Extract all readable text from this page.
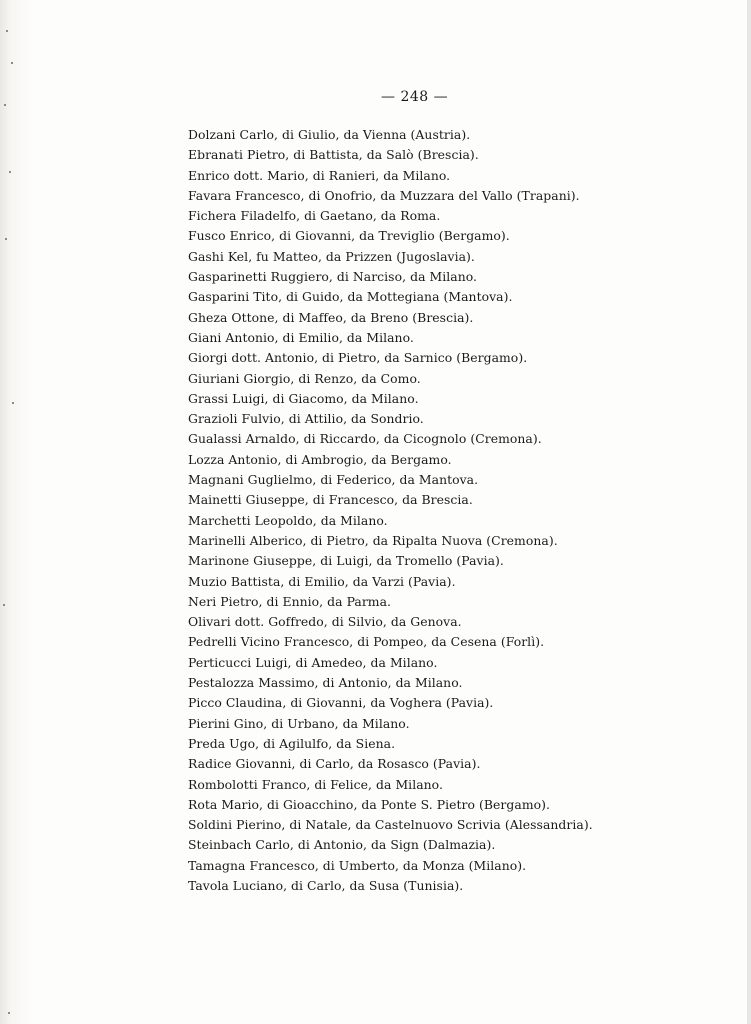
— 248 —
Dolzani Carlo, di Giulio, da Vienna (Austria).
Ebranati Pietro, di Battista, da Salò (Brescia).
Enrico dott. Mario, di Ranieri, da Milano.
Favara Francesco, di Onofrio, da Muzzara del Vallo (Trapani).
Fichera Filadelfo, di Gaetano, da Roma.
Fusco Enrico, di Giovanni, da Treviglio (Bergamo).
Gashi Kel, fu Matteo, da Prizzen (Jugoslavia).
Gasparinetti Ruggiero, di Narciso, da Milano.
Gasparini Tito, di Guido, da Mottegiana (Mantova).
Gheza Ottone, di Maffeo, da Breno (Brescia).
Giani Antonio, di Emilio, da Milano.
Giorgi dott. Antonio, di Pietro, da Sarnico (Bergamo).
Giuriani Giorgio, di Renzo, da Como.
Grassi Luigi, di Giacomo, da Milano.
Grazioli Fulvio, di Attilio, da Sondrio.
Gualassi Arnaldo, di Riccardo, da Cicognolo (Cremona).
Lozza Antonio, di Ambrogio, da Bergamo.
Magnani Guglielmo, di Federico, da Mantova.
Mainetti Giuseppe, di Francesco, da Brescia.
Marchetti Leopoldo, da Milano.
Marinelli Alberico, di Pietro, da Ripalta Nuova (Cremona).
Marinone Giuseppe, di Luigi, da Tromello (Pavia).
Muzio Battista, di Emilio, da Varzi (Pavia).
Neri Pietro, di Ennio, da Parma.
Olivari dott. Goffredo, di Silvio, da Genova.
Pedrelli Vicino Francesco, di Pompeo, da Cesena (Forlì).
Perticucci Luigi, di Amedeo, da Milano.
Pestalozza Massimo, di Antonio, da Milano.
Picco Claudina, di Giovanni, da Voghera (Pavia).
Pierini Gino, di Urbano, da Milano.
Preda Ugo, di Agilulfo, da Siena.
Radice Giovanni, di Carlo, da Rosasco (Pavia).
Rombolotti Franco, di Felice, da Milano.
Rota Mario, di Gioacchino, da Ponte S. Pietro (Bergamo).
Soldini Pierino, di Natale, da Castelnuovo Scrivia (Alessandria).
Steinbach Carlo, di Antonio, da Sign (Dalmazia).
Tamagna Francesco, di Umberto, da Monza (Milano).
Tavola Luciano, di Carlo, da Susa (Tunisia).
